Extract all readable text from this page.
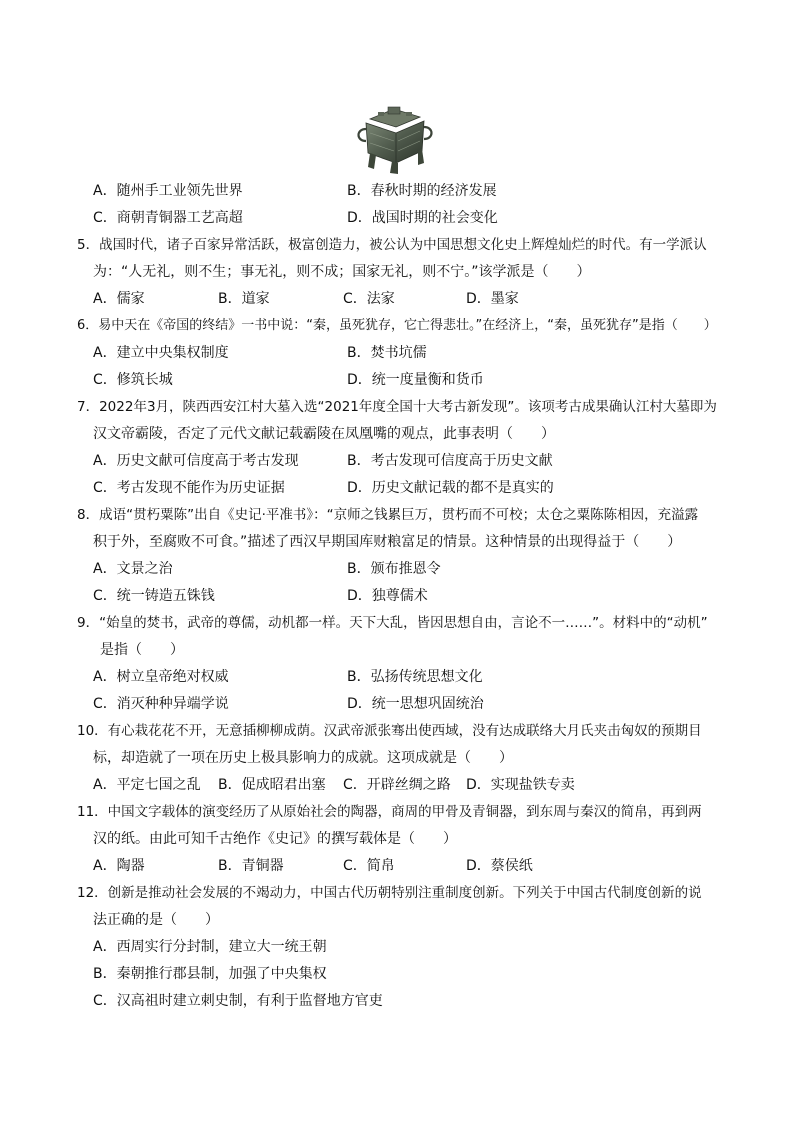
A．随州手工业领先世界	B．春秋时期的经济发展
C．商朝青铜器工艺高超	D．战国时期的社会变化
5．战国时代，诸子百家异常活跃，极富创造力，被公认为中国思想文化史上辉煌灿烂的时代。有一学派认
为：“人无礼，则不生；事无礼，则不成；国家无礼，则不宁。”该学派是（　　）
A．儒家	B．道家	C．法家	D．墨家
6．易中天在《帝国的终结》一书中说：“秦，虽死犹存，它亡得悲壮。”在经济上，“秦，虽死犹存”是指（　　）
A．建立中央集权制度	B．焚书坑儒
C．修筑长城	D．统一度量衡和货币
7．2022年3月，陕西西安江村大墓入选“2021年度全国十大考古新发现”。该项考古成果确认江村大墓即为
汉文帝霸陵，否定了元代文献记载霸陵在凤凰嘴的观点，此事表明（　　）
A．历史文献可信度高于考古发现	B．考古发现可信度高于历史文献
C．考古发现不能作为历史证据	D．历史文献记载的都不是真实的
8．成语“贯朽粟陈”出自《史记·平准书》：“京师之钱累巨万，贯朽而不可校；太仓之粟陈陈相因，充溢露
积于外，至腐败不可食。”描述了西汉早期国库财粮富足的情景。这种情景的出现得益于（　　）
A．文景之治	B．颁布推恩令
C．统一铸造五铢钱	D．独尊儒术
9．“始皇的焚书，武帝的尊儒，动机都一样。天下大乱，皆因思想自由，言论不一……”。材料中的“动机”
是指（　　）
A．树立皇帝绝对权威	B．弘扬传统思想文化
C．消灭种种异端学说	D．统一思想巩固统治
10．有心栽花花不开，无意插柳柳成荫。汉武帝派张骞出使西域，没有达成联络大月氏夹击匈奴的预期目
标，却造就了一项在历史上极具影响力的成就。这项成就是（　　）
A．平定七国之乱 B．促成昭君出塞 C．开辟丝绸之路 D．实现盐铁专卖
11．中国文字载体的演变经历了从原始社会的陶器，商周的甲骨及青铜器，到东周与秦汉的简帛，再到两
汉的纸。由此可知千古绝作《史记》的撰写载体是（　　）
A．陶器	B．青铜器	C．简帛	D．蔡侯纸
12．创新是推动社会发展的不竭动力，中国古代历朝特别注重制度创新。下列关于中国古代制度创新的说
法正确的是（　　）
A．西周实行分封制，建立大一统王朝
B．秦朝推行郡县制，加强了中央集权
C．汉高祖时建立刺史制，有利于监督地方官吏
